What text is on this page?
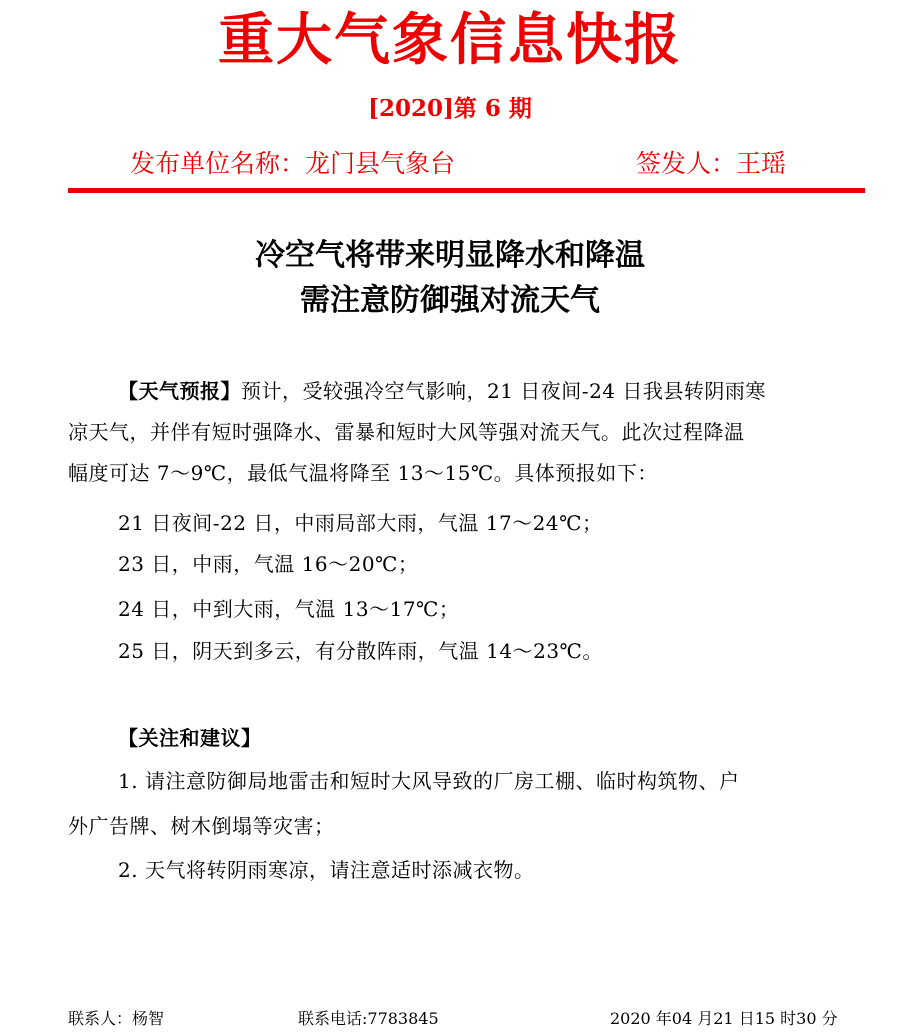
重大气象信息快报
[2020]第 6 期
发布单位名称：龙门县气象台	签发人：王瑶
冷空气将带来明显降水和降温
需注意防御强对流天气
【天气预报】预计，受较强冷空气影响，21 日夜间-24 日我县转阴雨寒
凉天气，并伴有短时强降水、雷暴和短时大风等强对流天气。此次过程降温
幅度可达 7～9℃，最低气温将降至 13～15℃。具体预报如下：
21 日夜间-22 日，中雨局部大雨，气温 17～24℃；
23 日，中雨，气温 16～20℃；
24 日，中到大雨，气温 13～17℃；
25 日，阴天到多云，有分散阵雨，气温 14～23℃。
【关注和建议】
1. 请注意防御局地雷击和短时大风导致的厂房工棚、临时构筑物、户
外广告牌、树木倒塌等灾害；
2. 天气将转阴雨寒凉，请注意适时添减衣物。
联系人：杨智	联系电话:7783845	2020 年04 月21 日15 时30 分
